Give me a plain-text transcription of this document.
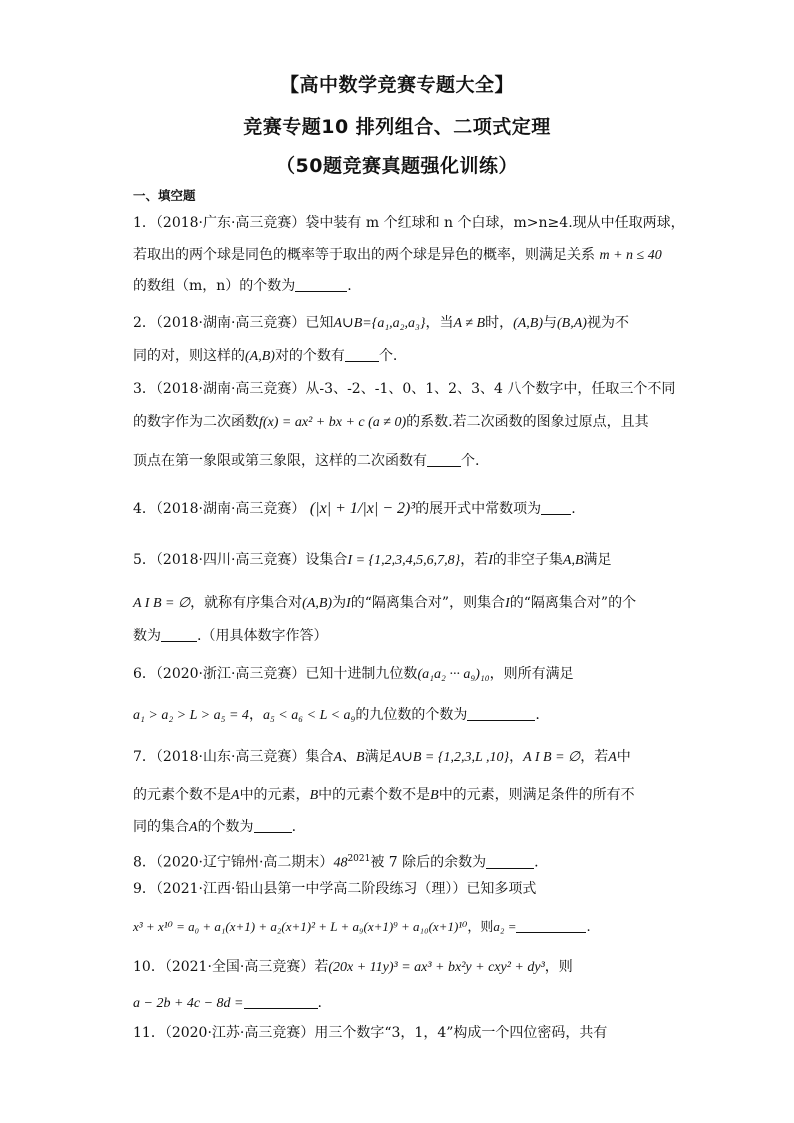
【高中数学竞赛专题大全】
竞赛专题10 排列组合、二项式定理
（50题竞赛真题强化训练）
一、填空题
1．（2018·广东·高三竞赛）袋中装有 m 个红球和 n 个白球，m>n≥4.现从中任取两球，
若取出的两个球是同色的概率等于取出的两个球是异色的概率，则满足关系 m + n ≤ 40
的数组（m，n）的个数为	.
2．（2018·湖南·高三竞赛）已知A∪B={a₁,a₂,a₃}，当A ≠ B时，(A,B)与(B,A)视为不
同的对，则这样的(A,B)对的个数有 个.
3．（2018·湖南·高三竞赛）从-3、-2、-1、0、1、2、3、4 八个数字中，任取三个不同
的数字作为二次函数f(x) = ax² + bx + c (a ≠ 0)的系数.若二次函数的图象过原点，且其
顶点在第一象限或第三象限，这样的二次函数有 个.
4．（2018·湖南·高三竞赛） (|x| + 1/|x| − 2)³的展开式中常数项为 .
5．（2018·四川·高三竞赛）设集合I = {1,2,3,4,5,6,7,8}，若I的非空子集A,B满足
A I B = ∅，就称有序集合对(A,B)为I的“隔离集合对”，则集合I的“隔离集合对”的个
数为	.（用具体数字作答）
6．（2020·浙江·高三竞赛）已知十进制九位数(a₁a₂ ··· a₉)₁₀，则所有满足
a₁ > a₂ > L > a₅ = 4，a₅ < a₆ < L < a₉的九位数的个数为	.
7．（2018·山东·高三竞赛）集合A、B满足A∪B = {1,2,3,L ,10}，A I B = ∅，若A中
的元素个数不是A中的元素，B中的元素个数不是B中的元素，则满足条件的所有不
同的集合A的个数为	.
8．（2020·辽宁锦州·高二期末）$48^{2021}$被 7 除后的余数为	.
9．（2021·江西·铅山县第一中学高二阶段练习（理））已知多项式
x³ + x¹⁰ = a₀ + a₁(x+1) + a₂(x+1)² + L + a₉(x+1)⁹ + a₁₀(x+1)¹⁰，则a₂ =	.
10．（2021·全国·高三竞赛）若(20x + 11y)³ = ax³ + bx²y + cxy² + dy³，则
a − 2b + 4c − 8d =	.
11．（2020·江苏·高三竞赛）用三个数字“3，1，4”构成一个四位密码，共有
